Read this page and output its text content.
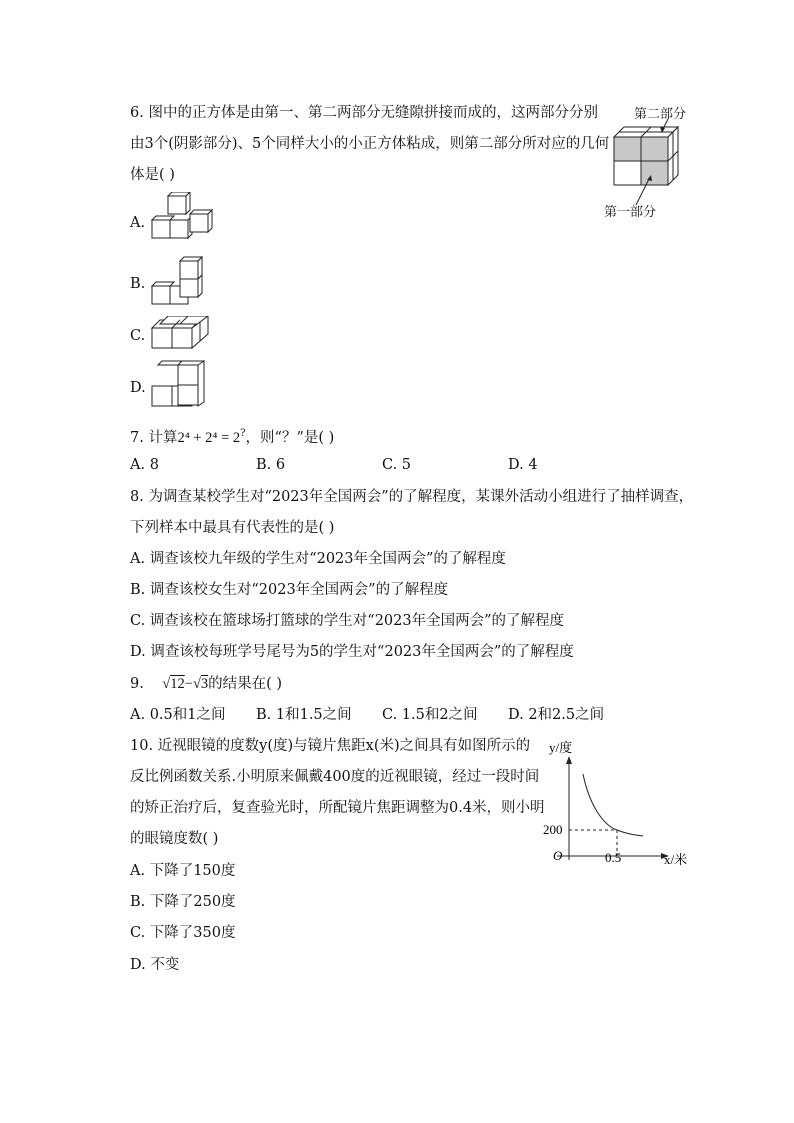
6. 图中的正方体是由第一、第二两部分无缝隙拼接而成的，这两部分分别
由3个(阴影部分)、5个同样大小的小正方体粘成，则第二部分所对应的几何
体是( )
第二部分
第一部分
A.
B.
C.
D.
7. 计算2⁴ + 2⁴ = 2?，则“？”是( )
A. 8	B. 6	C. 5	D. 4
8. 为调查某校学生对“2023年全国两会”的了解程度，某课外活动小组进行了抽样调查，
下列样本中最具有代表性的是( )
A. 调查该校九年级的学生对“2023年全国两会”的了解程度
B. 调查该校女生对“2023年全国两会”的了解程度
C. 调查该校在篮球场打篮球的学生对“2023年全国两会”的了解程度
D. 调查该校每班学号尾号为5的学生对“2023年全国两会”的了解程度
9. √12−√3的结果在( )
A. 0.5和1之间 B. 1和1.5之间 C. 1.5和2之间 D. 2和2.5之间
10. 近视眼镜的度数y(度)与镜片焦距x(米)之间具有如图所示的
反比例函数关系.小明原来佩戴400度的近视眼镜，经过一段时间
的矫正治疗后，复查验光时，所配镜片焦距调整为0.4米，则小明
的眼镜度数( )
A. 下降了150度
B. 下降了250度
C. 下降了350度
D. 不变
y/度
200
O	0.5	x/米
